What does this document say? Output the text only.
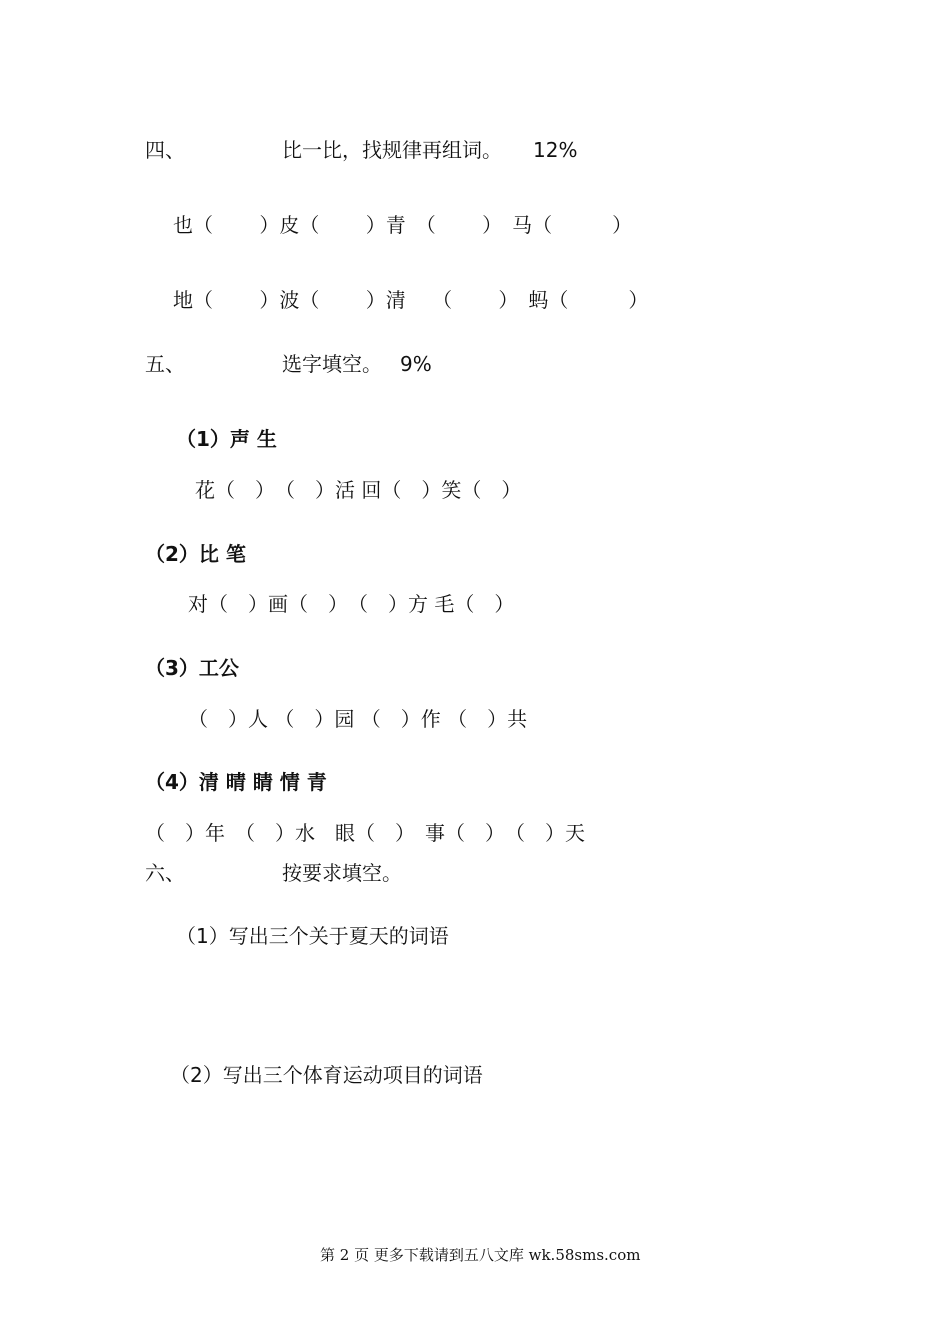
四、	比一比，找规律再组词。 12%
也（　　 ）皮（　　 ）青　（　　 ）　马（　　　）
地（　　 ）波（　　 ）清　 （　　 ）　蚂（　　　）
五、	选字填空。 9%
（1）声 生
花（　）　（　）活 回（　）笑（　）
（2）比 笔
对（　）画（　）　（　）方 毛（　）
（3）工公
（　）人 （　）园 （　）作 （　）共
（4）清 晴 睛 情 青
（　）年　（　）水　眼（　）　事（　）　（　）天
六、	按要求填空。
（1）写出三个关于夏天的词语
（2）写出三个体育运动项目的词语
第 2 页 更多下载请到五八文库 wk.58sms.com
